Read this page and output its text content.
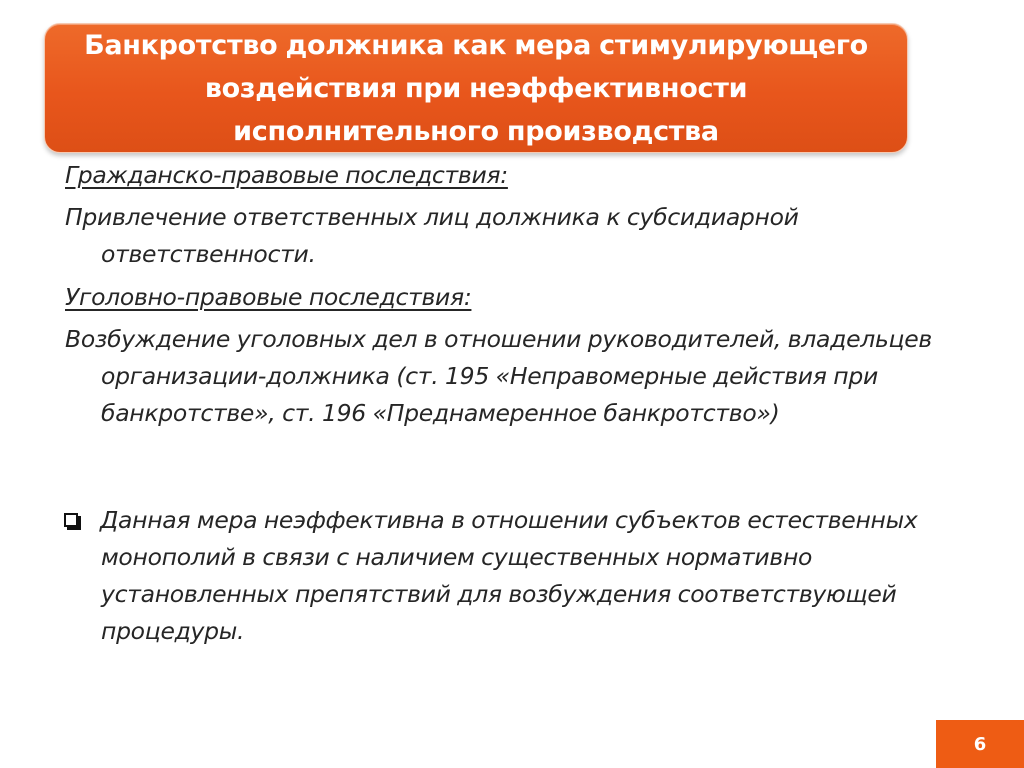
Банкротство должника как мера стимулирующего
воздействия при неэффективности
исполнительного производства

Гражданско-правовые последствия:

Привлечение ответственных лиц должника к субсидиарной ответственности.

Уголовно-правовые последствия:

Возбуждение уголовных дел в отношении руководителей, владельцев организации-должника (ст. 195 «Неправомерные действия при банкротстве», ст. 196 «Преднамеренное банкротство»)

Данная мера неэффективна в отношении субъектов естественных монополий в связи с наличием существенных нормативно установленных препятствий для возбуждения соответствующей процедуры.
6
